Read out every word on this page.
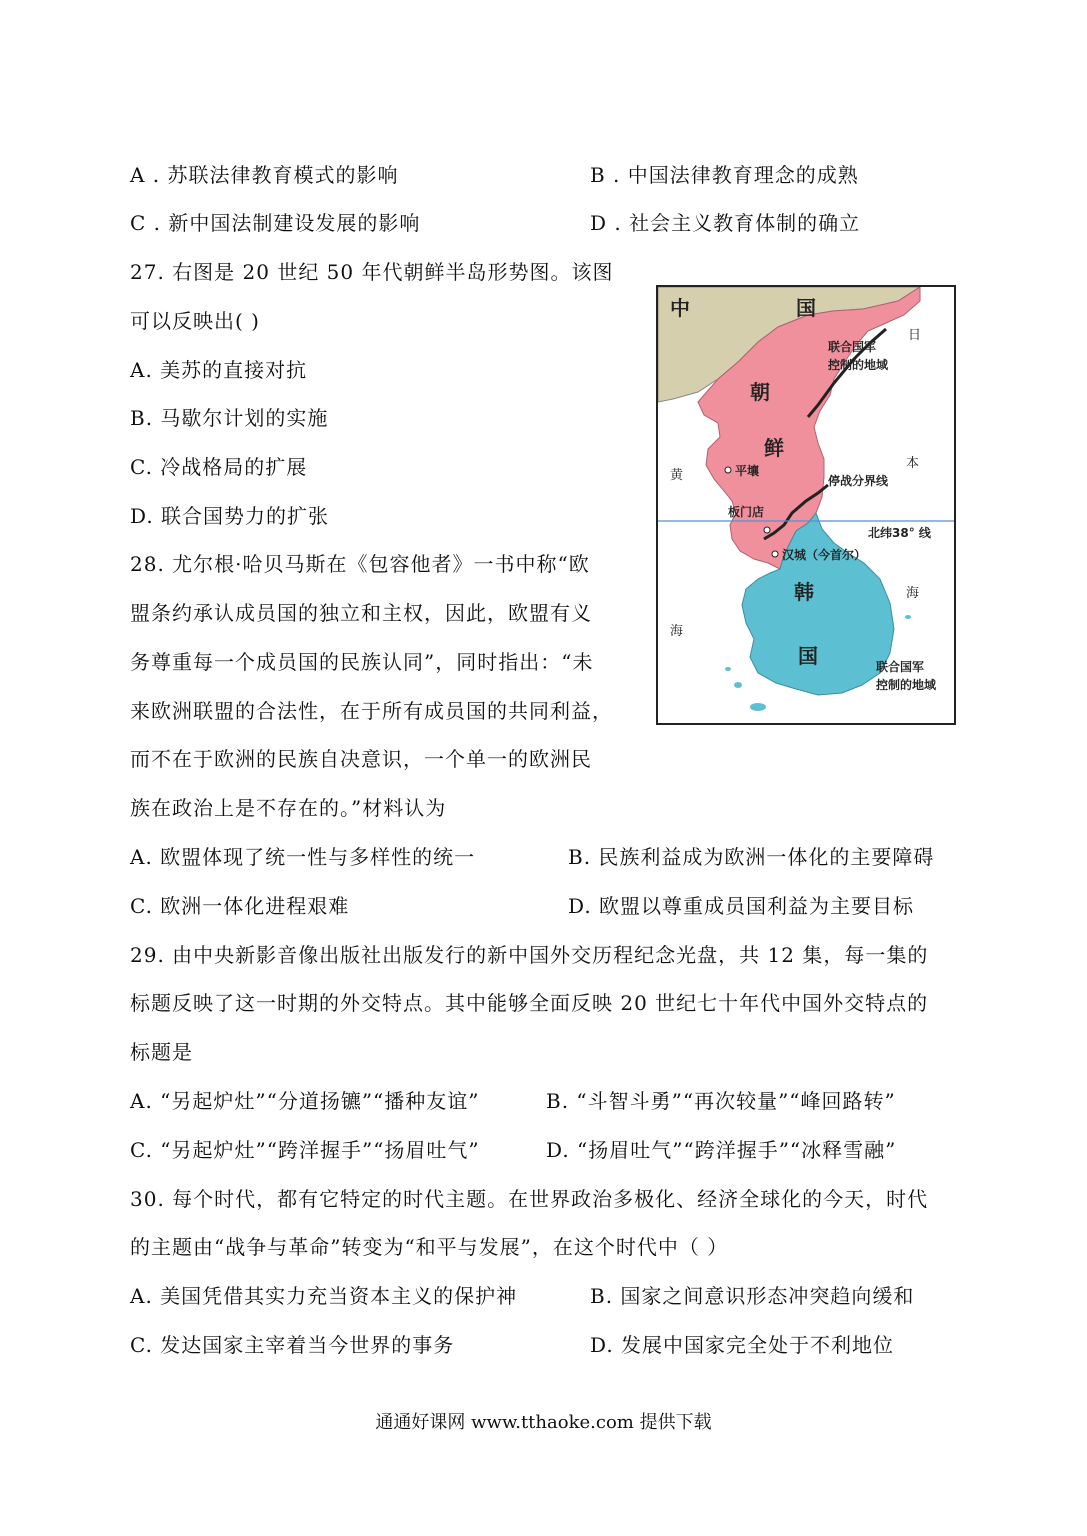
A . 苏联法律教育模式的影响	B . 中国法律教育理念的成熟
C . 新中国法制建设发展的影响	D . 社会主义教育体制的确立
27. 右图是 20 世纪 50 年代朝鲜半岛形势图。该图
可以反映出( )
A. 美苏的直接对抗
B. 马歇尔计划的实施
C. 冷战格局的扩展
D. 联合国势力的扩张
中	国
朝
鲜
韩
国
日
本
海
黄
海
联合国军
控制的地域
停战分界线
平壤
板门店
北纬38° 线
汉城（今首尔）
联合国军
控制的地域
28. 尤尔根·哈贝马斯在《包容他者》一书中称“欧
盟条约承认成员国的独立和主权，因此，欧盟有义
务尊重每一个成员国的民族认同”，同时指出：“未
来欧洲联盟的合法性，在于所有成员国的共同利益，
而不在于欧洲的民族自决意识，一个单一的欧洲民
族在政治上是不存在的。”材料认为
A. 欧盟体现了统一性与多样性的统一	B. 民族利益成为欧洲一体化的主要障碍
C. 欧洲一体化进程艰难	D. 欧盟以尊重成员国利益为主要目标
29. 由中央新影音像出版社出版发行的新中国外交历程纪念光盘，共 12 集，每一集的
标题反映了这一时期的外交特点。其中能够全面反映 20 世纪七十年代中国外交特点的
标题是
A. “另起炉灶”“分道扬镳”“播种友谊”	B. “斗智斗勇”“再次较量”“峰回路转”
C. “另起炉灶”“跨洋握手”“扬眉吐气”	D. “扬眉吐气”“跨洋握手”“冰释雪融”
30. 每个时代，都有它特定的时代主题。在世界政治多极化、经济全球化的今天，时代
的主题由“战争与革命”转变为“和平与发展”，在这个时代中（ ）
A. 美国凭借其实力充当资本主义的保护神	B. 国家之间意识形态冲突趋向缓和
C. 发达国家主宰着当今世界的事务	D. 发展中国家完全处于不利地位
通通好课网 www.tthaoke.com 提供下载
